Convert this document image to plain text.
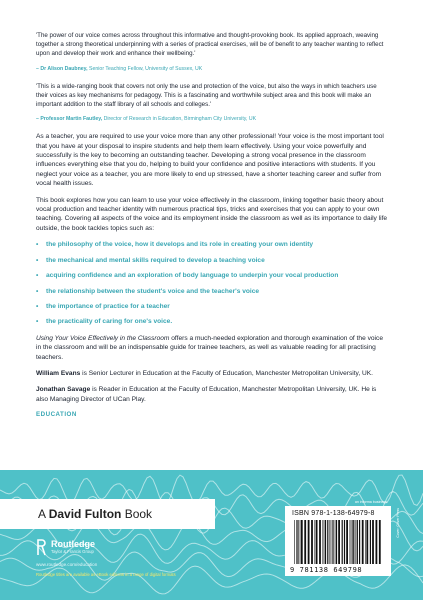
'The power of our voice comes across throughout this informative and thought-provoking book. Its applied approach, weaving together a strong theoretical underpinning with a series of practical exercises, will be of benefit to any teacher wanting to reflect upon and develop their work and enhance their wellbeing.'

– Dr Alison Daubney, Senior Teaching Fellow, University of Sussex, UK

'This is a wide-ranging book that covers not only the use and protection of the voice, but also the ways in which teachers use their voices as key mechanisms for pedagogy. This is a fascinating and worthwhile subject area and this book will make an important addition to the staff library of all schools and colleges.'

– Professor Martin Fautley, Director of Research in Education, Birmingham City University, UK

As a teacher, you are required to use your voice more than any other professional! Your voice is the most important tool that you have at your disposal to inspire students and help them learn effectively. Using your voice powerfully and successfully is the key to becoming an outstanding teacher. Developing a strong vocal presence in the classroom influences everything else that you do, helping to build your confidence and positive interactions with students. If you neglect your voice as a teacher, you are more likely to end up stressed, have a shorter teaching career and suffer from vocal health issues.

This book explores how you can learn to use your voice effectively in the classroom, linking together basic theory about vocal production and teacher identity with numerous practical tips, tricks and exercises that you can apply to your own teaching. Covering all aspects of the voice and its employment inside the classroom as well as its importance to daily life outside, the book tackles topics such as:

• the philosophy of the voice, how it develops and its role in creating your own identity
• the mechanical and mental skills required to develop a teaching voice
• acquiring confidence and an exploration of body language to underpin your vocal production
• the relationship between the student's voice and the teacher's voice
• the importance of practice for a teacher
• the practicality of caring for one's voice.

Using Your Voice Effectively in the Classroom offers a much-needed exploration and thorough examination of the voice in the classroom and will be an indispensable guide for trainee teachers, as well as valuable reading for all practising teachers.

William Evans is Senior Lecturer in Education at the Faculty of Education, Manchester Metropolitan University, UK.

Jonathan Savage is Reader in Education at the Faculty of Education, Manchester Metropolitan University, UK. He is also Managing Director of UCan Play.

EDUCATION
A David Fulton Book
Routledge
Taylor & Francis Group
www.routledge.com/education
Routledge titles are available as eBook editions in a range of digital formats
an informa business
ISBN 978-1-138-64979-8
9 781138 649798
Cover: Cover Press
